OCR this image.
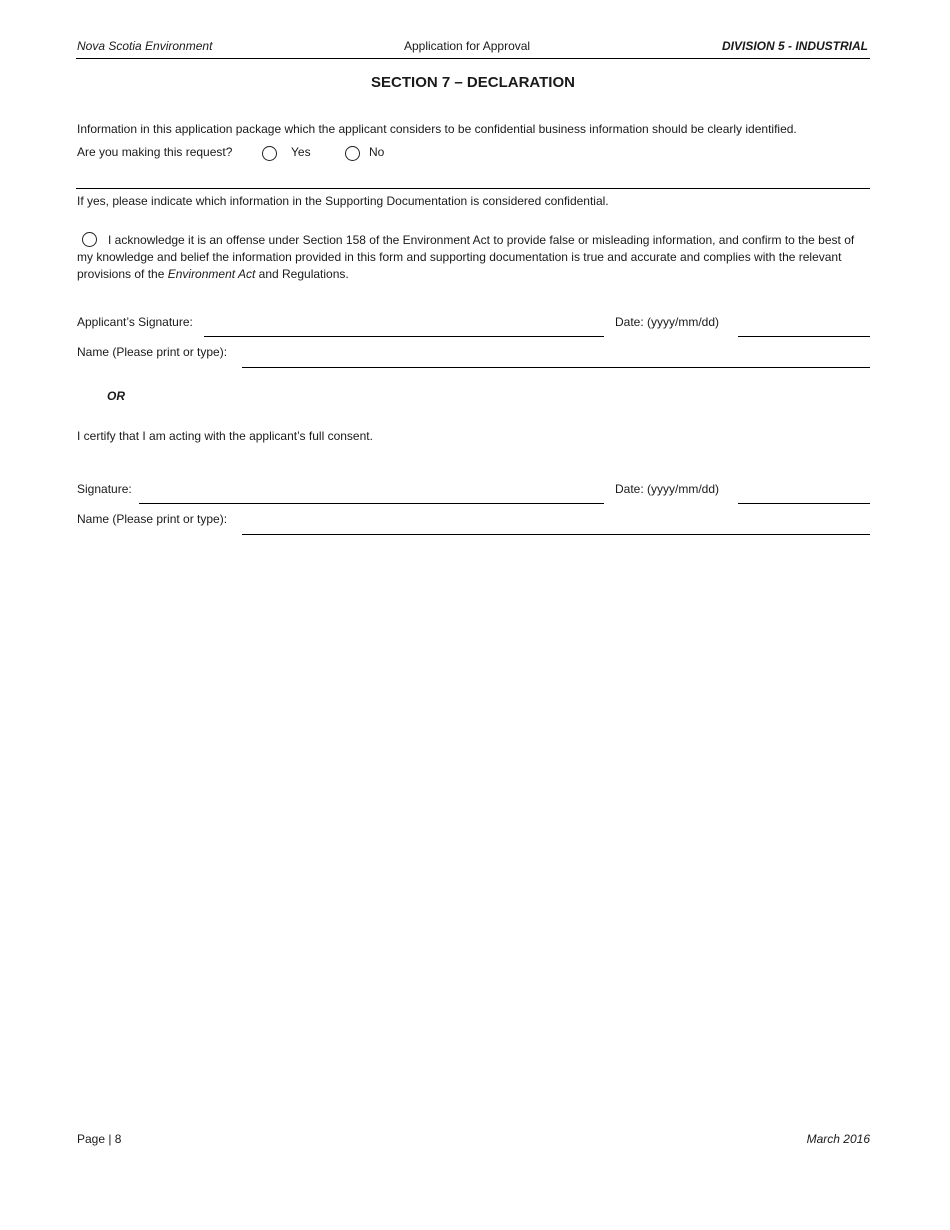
Nova Scotia Environment	Application for Approval	DIVISION 5 - INDUSTRIAL
SECTION 7 – DECLARATION
Information in this application package which the applicant considers to be confidential business information should be clearly identified.
Are you making this request?	Yes	No
If yes, please indicate which information in the Supporting Documentation is considered confidential.
I acknowledge it is an offense under Section 158 of the Environment Act to provide false or misleading information, and confirm to the best of my knowledge and belief the information provided in this form and supporting documentation is true and accurate and complies with the relevant provisions of the Environment Act and Regulations.
Applicant’s Signature:	Date: (yyyy/mm/dd)
Name (Please print or type):
OR
I certify that I am acting with the applicant’s full consent.
Signature:	Date: (yyyy/mm/dd)
Name (Please print or type):
Page | 8	March 2016
